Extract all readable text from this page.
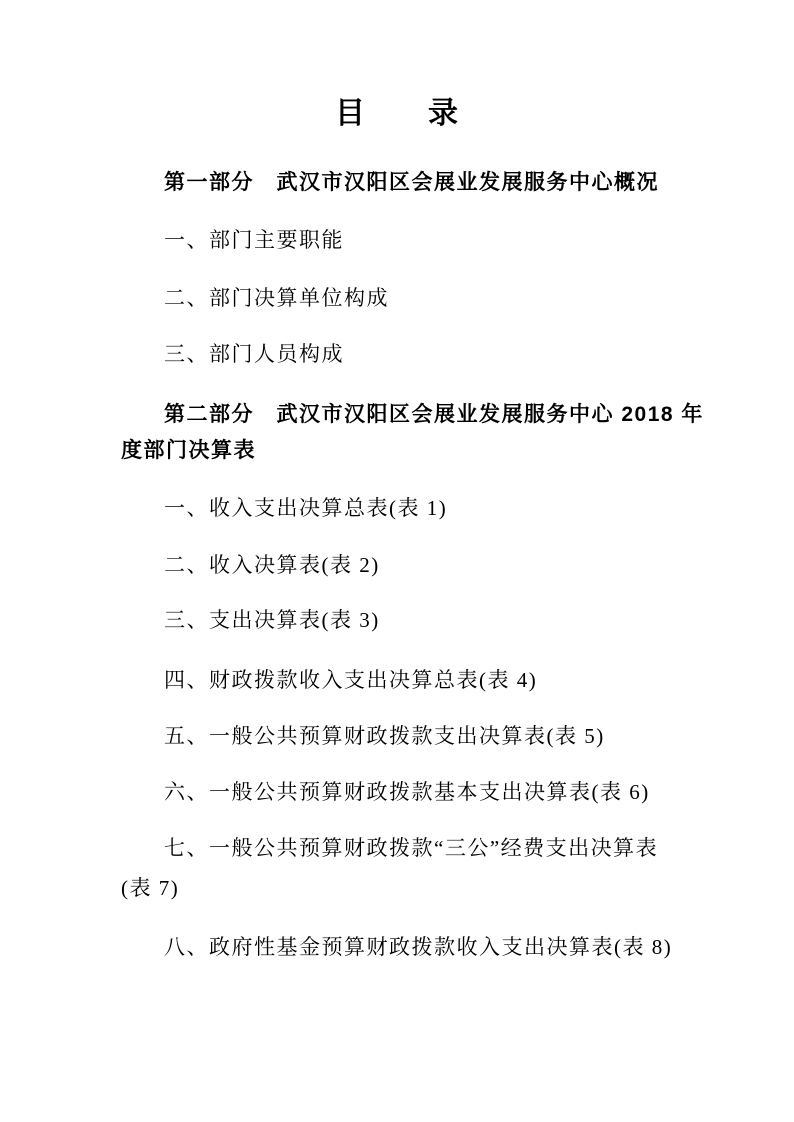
目　　录
第一部分　武汉市汉阳区会展业发展服务中心概况
一、部门主要职能
二、部门决算单位构成
三、部门人员构成
第二部分　武汉市汉阳区会展业发展服务中心 2018 年
度部门决算表
一、收入支出决算总表(表 1)
二、收入决算表(表 2)
三、支出决算表(表 3)
四、财政拨款收入支出决算总表(表 4)
五、一般公共预算财政拨款支出决算表(表 5)
六、一般公共预算财政拨款基本支出决算表(表 6)
七、一般公共预算财政拨款“三公”经费支出决算表
(表 7)
八、政府性基金预算财政拨款收入支出决算表(表 8)
